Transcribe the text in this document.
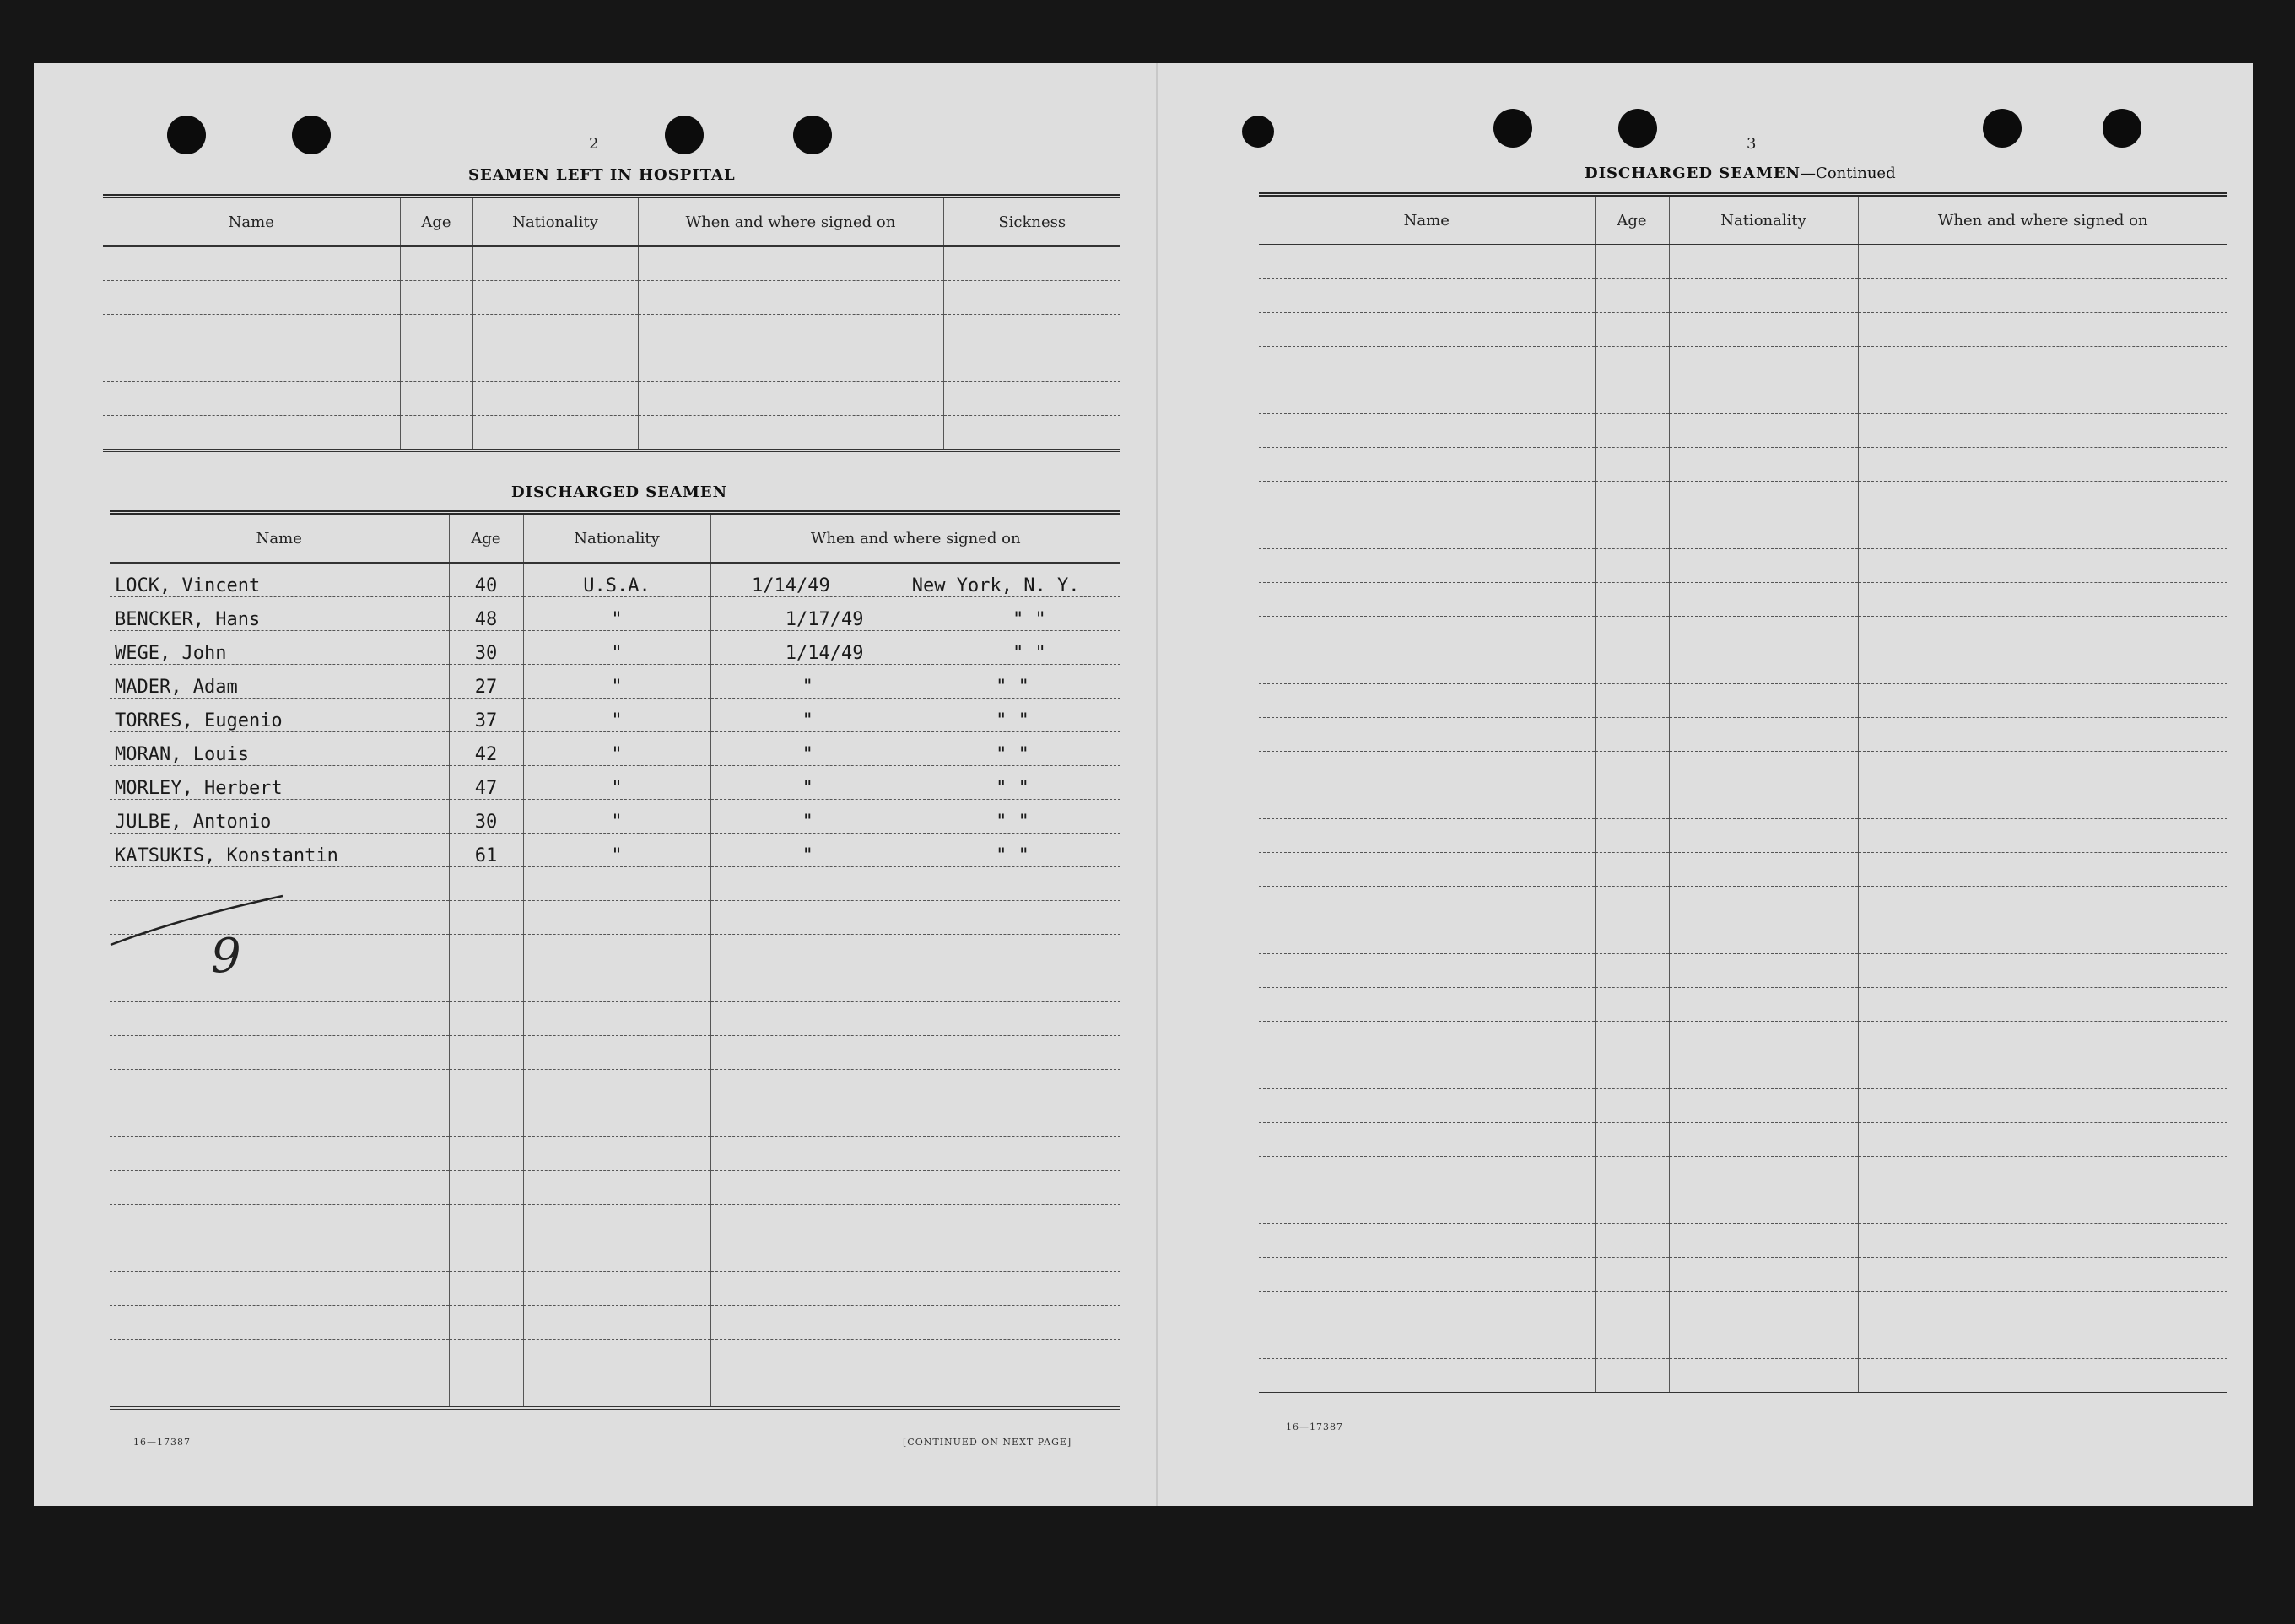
2
SEAMEN LEFT IN HOSPITAL
Name	Age	Nationality	When and where signed on	Sickness

DISCHARGED SEAMEN
Name	Age	Nationality	When and where signed on
LOCK, Vincent	40	U.S.A.	1/14/49 New York, N. Y.

BENCKER, Hans	48	"	1/17/49 " "

WEGE, John	30	"	1/14/49 " "

MADER, Adam	27	"	" " "

TORRES, Eugenio	37	"	" " "

MORAN, Louis	42	"	" " "

MORLEY, Herbert	47	"	" " "

JULBE, Antonio	30	"	" " "

KATSUKIS, Konstantin	61	"	" " "

9
16—17387	[CONTINUED ON NEXT PAGE]
3
DISCHARGED SEAMEN—Continued
Name	Age	Nationality	When and where signed on

16—17387
